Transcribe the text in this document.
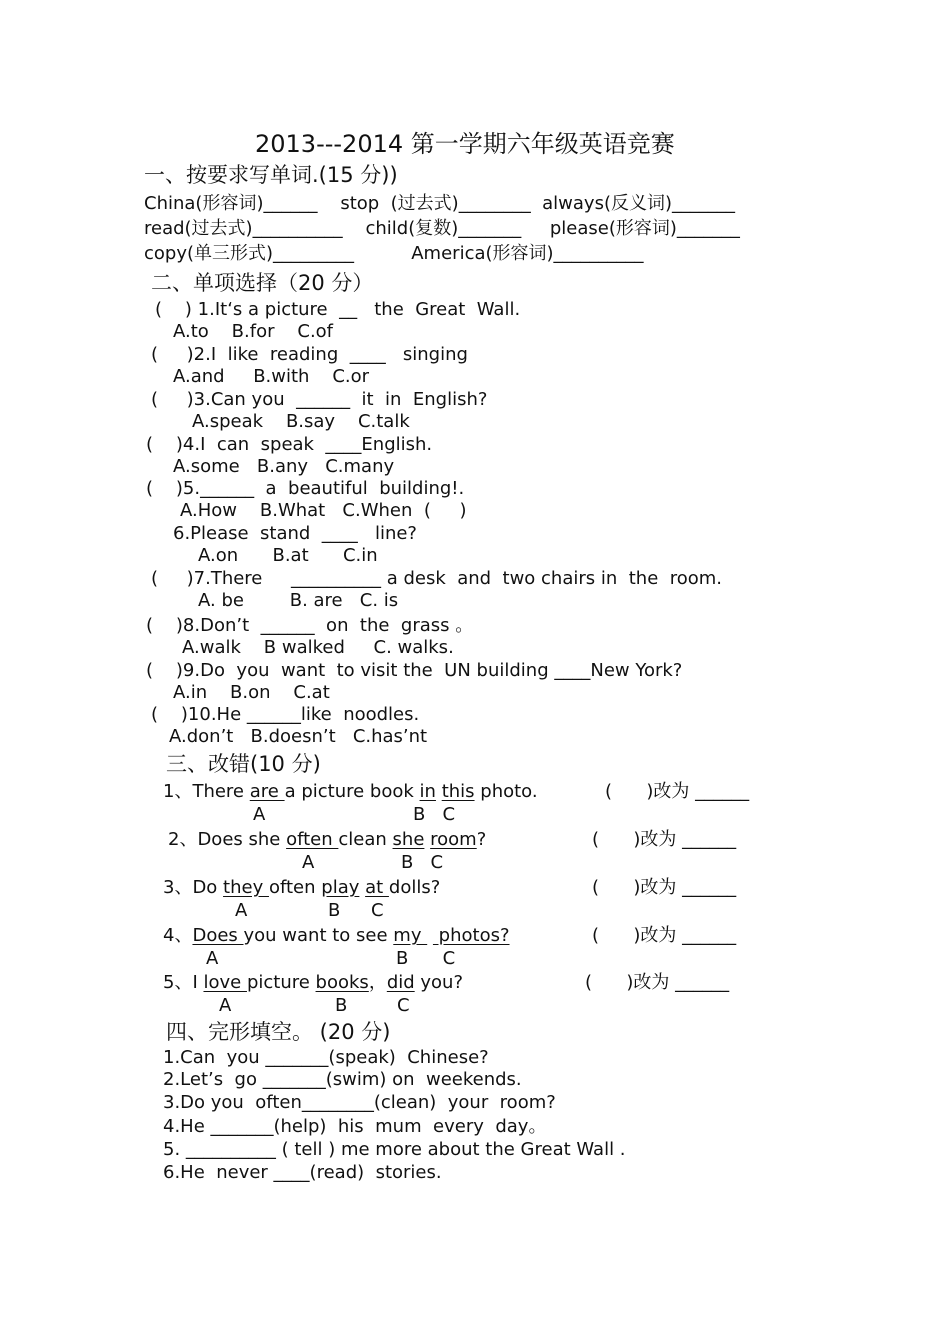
2013---2014 第一学期六年级英语竞赛
一、按要求写单词.(15 分))
China(形容词)______    stop  (过去式)________  always(反义词)_______
read(过去式)__________    child(复数)_______     please(形容词)_______
copy(单三形式)_________          America(形容词)__________
二、单项选择（20 分）
(    ) 1.It‘s a picture  __   the  Great  Wall.
A.to    B.for    C.of
(     )2.I  like  reading  ____   singing
A.and     B.with    C.or
(     )3.Can you  ______  it  in  English?
A.speak    B.say    C.talk
(    )4.I  can  speak  ____English.
A.some   B.any   C.many
(    )5.______  a  beautiful  building!.
A.How    B.What   C.When  (     )
6.Please  stand  ____   line?
A.on      B.at      C.in
(     )7.There     __________ a desk  and  two chairs in  the  room.
A. be        B. are   C. is
(    )8.Don’t  ______  on  the  grass 。
A.walk    B walked     C. walks.
(    )9.Do  you  want  to visit the  UN building ____New York?
A.in    B.on    C.at
(    )10.He ______like  noodles.
A.don’t   B.doesn’t   C.has’nt
三、改错(10 分)
1、There are a picture book in this photo.	(      )改为 ______
A	B   C
2、Does she often clean she room?	(      )改为 ______
A	B   C
3、Do they often play at dolls?	(      )改为 ______
A	B C
4、Does you want to see my   photos?	(      )改为 ______
A	B      C
5、I love picture books，did you?	(      )改为 ______
A	B	C
四、完形填空。 (20 分)
1.Can  you _______(speak)  Chinese?
2.Let’s  go _______(swim) on  weekends.
3.Do you  often________(clean)  your  room?
4.He _______(help)  his  mum  every  day。
5. __________ ( tell ) me more about the Great Wall .
6.He  never ____(read)  stories.
